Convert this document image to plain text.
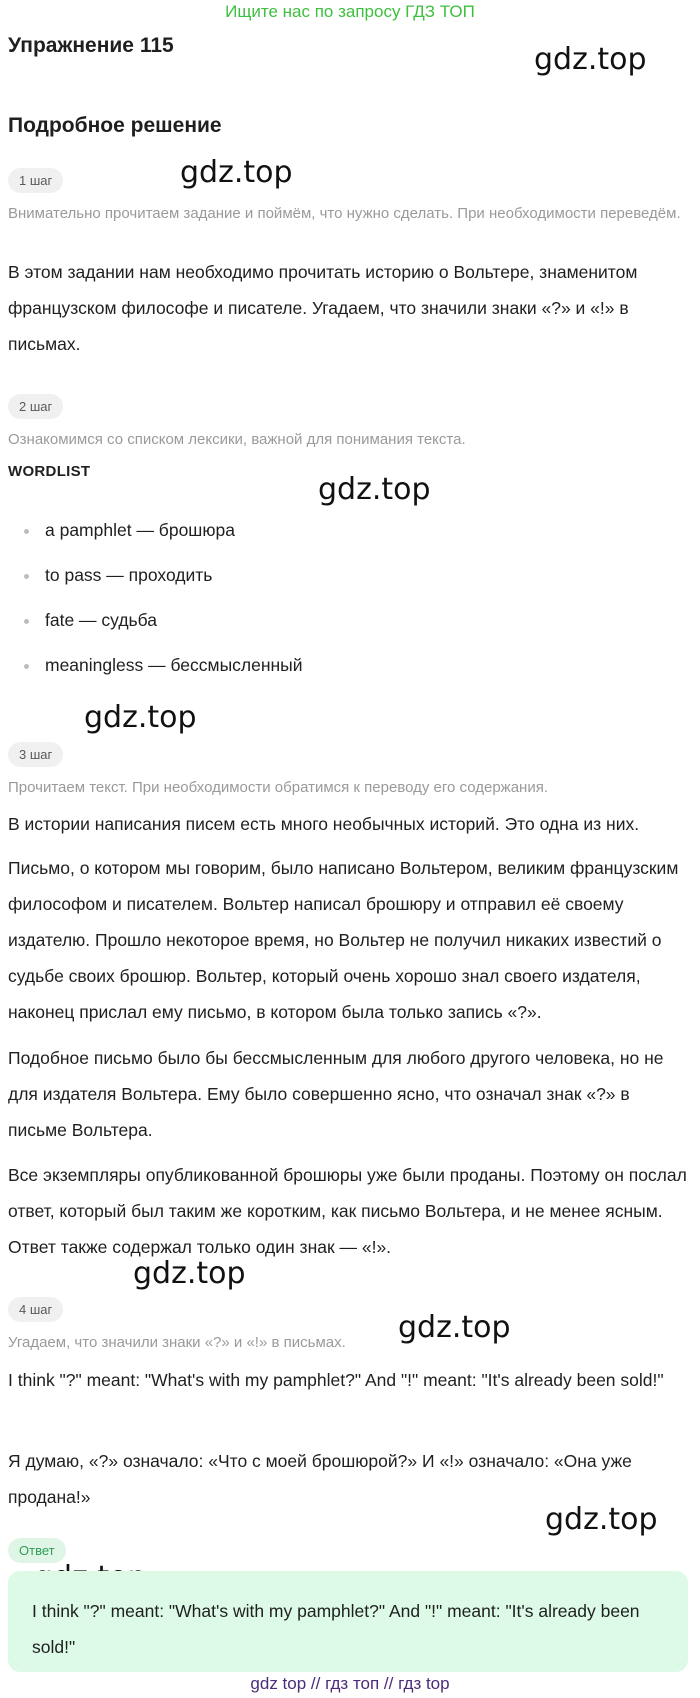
Ищите нас по запросу ГДЗ ТОП
Упражнение 115
Подробное решение
gdz.top
gdz.top
gdz.top
gdz.top
gdz.top
gdz.top
gdz.top
1 шаг
Внимательно прочитаем задание и поймём, что нужно сделать. При необходимости переведём.
В этом задании нам необходимо прочитать историю о Вольтере, знаменитом французском философе и писателе. Угадаем, что значили знаки «?» и «!» в письмах.
2 шаг
Ознакомимся со списком лексики, важной для понимания текста.
WORDLIST
a pamphlet — брошюра
to pass — проходить
fate — судьба
meaningless — бессмысленный
3 шаг
Прочитаем текст. При необходимости обратимся к переводу его содержания.
В истории написания писем есть много необычных историй. Это одна из них.
Письмо, о котором мы говорим, было написано Вольтером, великим французским философом и писателем. Вольтер написал брошюру и отправил её своему издателю. Прошло некоторое время, но Вольтер не получил никаких известий о судьбе своих брошюр. Вольтер, который очень хорошо знал своего издателя, наконец прислал ему письмо, в котором была только запись «?».
Подобное письмо было бы бессмысленным для любого другого человека, но не для издателя Вольтера. Ему было совершенно ясно, что означал знак «?» в письме Вольтера.
Все экземпляры опубликованной брошюры уже были проданы. Поэтому он послал ответ, который был таким же коротким, как письмо Вольтера, и не менее ясным. Ответ также содержал только один знак — «!».
4 шаг
Угадаем, что значили знаки «?» и «!» в письмах.
I think "?" meant: "What's with my pamphlet?" And "!" meant: "It's already been sold!"
Я думаю, «?» означало: «Что с моей брошюрой?» И «!» означало: «Она уже продана!»
Ответ
I think "?" meant: "What's with my pamphlet?" And "!" meant: "It's already been sold!"
gdz top // гдз топ // гдз top
